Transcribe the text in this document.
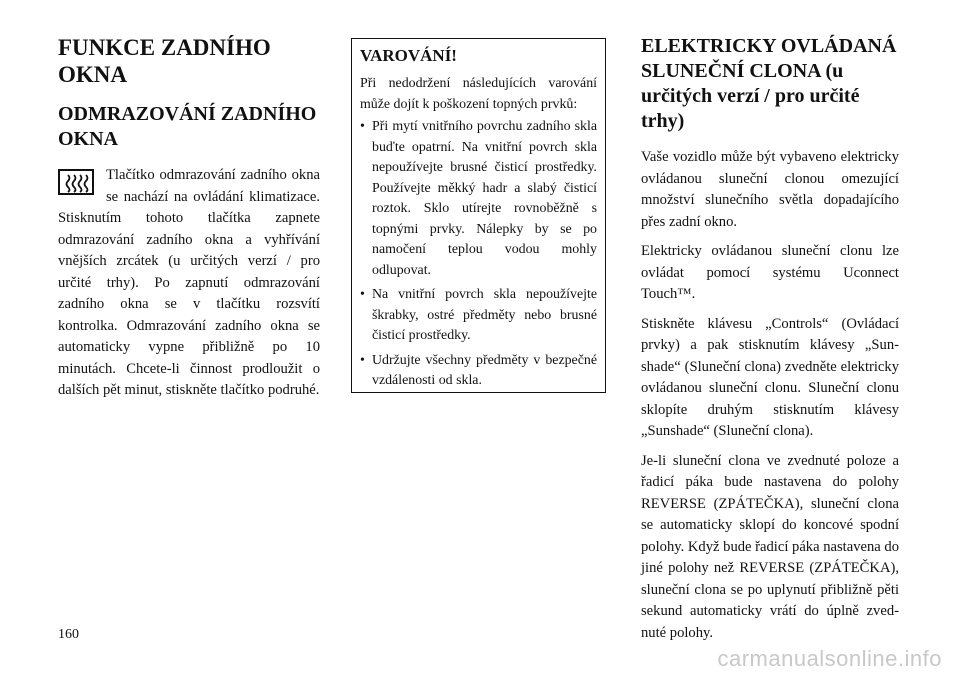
FUNKCE ZADNÍHO OKNA
ODMRAZOVÁNÍ ZADNÍHO OKNA

Tlačítko odmrazování zadního okna se nachází na ovládání klimatizace. Stisknutím tohoto tlačítka zapnete odmrazování zadního okna a vyhřívání vnějších zrcátek (u určitých verzí / pro určité trhy). Po zapnutí odmrazování zadního okna se v tlačítku rozsvítí kontrolka. Odmrazování zadního okna se automaticky vypne přibližně po 10 minutách. Chcete-li činnost prodloužit o dalších pět minut, stiskněte tlačítko podruhé.

VAROVÁNÍ!

Při nedodržení následujících varování může dojít k poškození topných prvků:

• Při mytí vnitřního povrchu zadního skla buďte opatrní. Na vnitřní povrch skla nepoužívejte brusné čisticí prostředky. Používejte měkký hadr a slabý čisticí roztok. Sklo utírejte rovnoběžně s topnými prvky. Nálepky by se po namočení teplou vodou mohly odlupovat.
• Na vnitřní povrch skla nepoužívejte škrabky, ostré předměty nebo brusné čisticí prostředky.
• Udržujte všechny předměty v bezpečné vzdálenosti od skla.
ELEKTRICKY OVLÁDANÁ SLUNEČNÍ CLONA (u určitých verzí / pro určité trhy)

Vaše vozidlo může být vybaveno elektricky ovládanou sluneční clonou omezující množství slunečního světla dopadajícího přes zadní okno.

Elektricky ovládanou sluneční clonu lze ovládat pomocí systému Uconnect Touch™.

Stiskněte klávesu „Controls“ (Ovládací prvky) a pak stisknutím klávesy „Sunshade“ (Sluneční clona) zvedněte elektricky ovládanou sluneční clonu. Sluneční clonu sklopíte druhým stisknutím klávesy „Sunshade“ (Sluneční clona).

Je-li sluneční clona ve zvednuté poloze a řadicí páka bude nastavena do polohy REVERSE (ZPÁTEČKA), sluneční clona se automaticky sklopí do koncové spodní polohy. Když bude řadicí páka nastavena do jiné polohy než REVERSE (ZPÁTEČKA), sluneční clona se po uplynutí přibližně pěti sekund automaticky vrátí do úplně zvednuté polohy.

160
carmanualsonline.info
